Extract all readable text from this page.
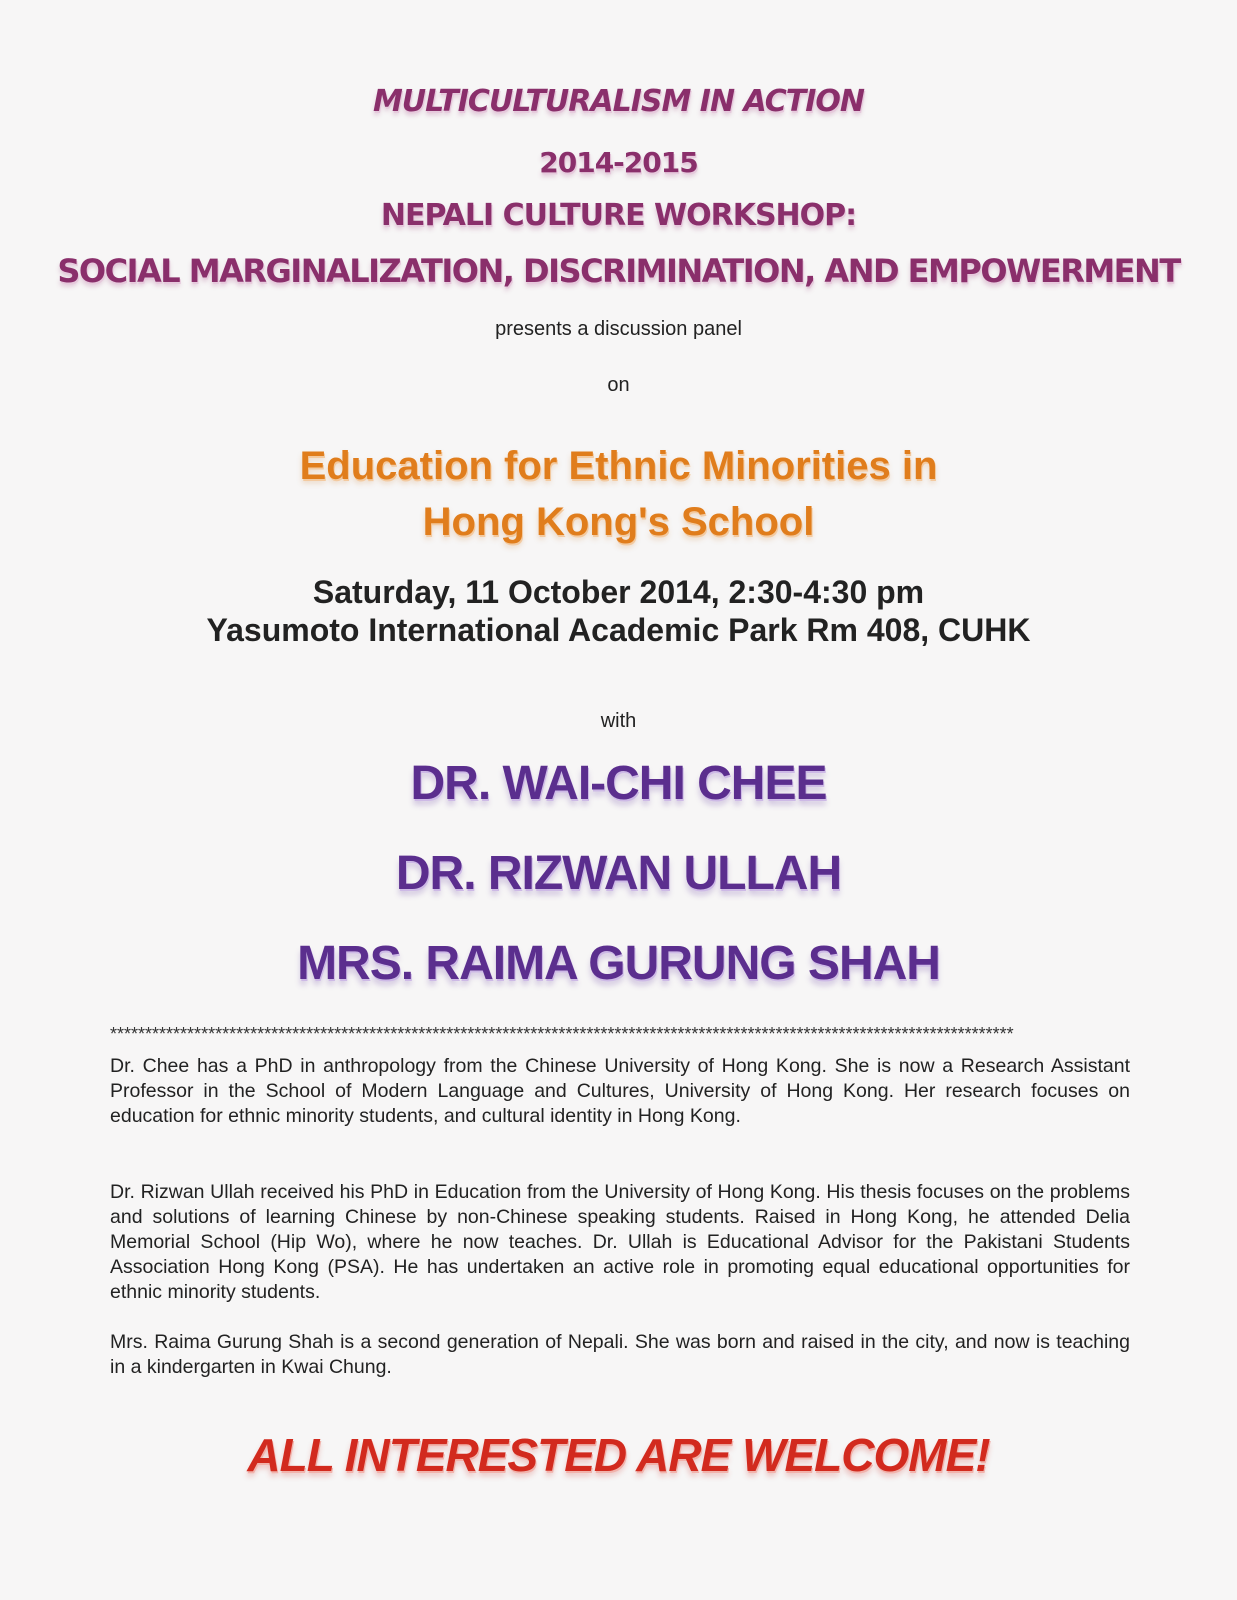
MULTICULTURALISM IN ACTION
2014-2015
NEPALI CULTURE WORKSHOP:
SOCIAL MARGINALIZATION, DISCRIMINATION, AND EMPOWERMENT
presents a discussion panel
on
Education for Ethnic Minorities in
Hong Kong's School
Saturday, 11 October 2014, 2:30-4:30 pm
Yasumoto International Academic Park Rm 408, CUHK
with
DR. WAI-CHI CHEE
DR. RIZWAN ULLAH
MRS. RAIMA GURUNG SHAH
*********************************************************************************************************************************
Dr. Chee has a PhD in anthropology from the Chinese University of Hong Kong. She is now a Research Assistant Professor in the School of Modern Language and Cultures, University of Hong Kong. Her research focuses on education for ethnic minority students, and cultural identity in Hong Kong.
Dr. Rizwan Ullah received his PhD in Education from the University of Hong Kong. His thesis focuses on the problems and solutions of learning Chinese by non-Chinese speaking students. Raised in Hong Kong, he attended Delia Memorial School (Hip Wo), where he now teaches. Dr. Ullah is Educational Advisor for the Pakistani Students Association Hong Kong (PSA). He has undertaken an active role in promoting equal educational opportunities for ethnic minority students.
Mrs. Raima Gurung Shah is a second generation of Nepali. She was born and raised in the city, and now is teaching in a kindergarten in Kwai Chung.
ALL INTERESTED ARE WELCOME!
